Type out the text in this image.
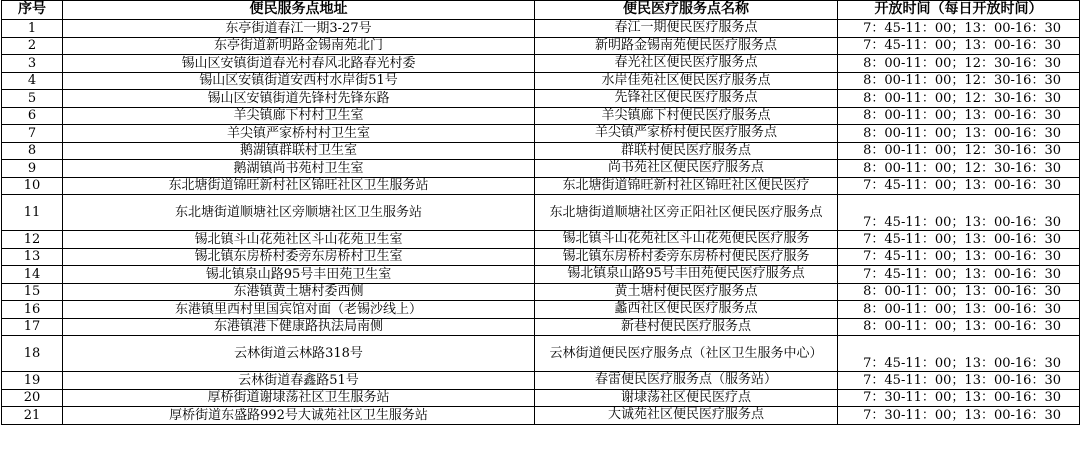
序号	便民服务点地址	便民医疗服务点名称	开放时间（每日开放时间）
1	东亭街道春江一期3-27号	春江一期便民医疗服务点	7：45-11：00；13：00-16：30
2	东亭街道新明路金锡南苑北门	新明路金锡南苑便民医疗服务点	7：45-11：00；13：00-16：30
3	锡山区安镇街道春光村春风北路春光村委	春光社区便民医疗服务点	8：00-11：00；12：30-16：30
4	锡山区安镇街道安西村水岸街51号	水岸佳苑社区便民医疗服务点	8：00-11：00；12：30-16：30
5	锡山区安镇街道先锋村先锋东路	先锋社区便民医疗服务点	8：00-11：00；12：30-16：30
6	羊尖镇廊下村村卫生室	羊尖镇廊下村便民医疗服务点	8：00-11：00；13：00-16：30
7	羊尖镇严家桥村村卫生室	羊尖镇严家桥村便民医疗服务点	8：00-11：00；13：00-16：30
8	鹅湖镇群联村卫生室	群联村便民医疗服务点	8：00-11：00；12：30-16：30
9	鹅湖镇尚书苑村卫生室	尚书苑社区便民医疗服务点	8：00-11：00；12：30-16：30
10	东北塘街道锦旺新村社区锦旺社区卫生服务站	东北塘街道锦旺新村社区锦旺社区便民医疗	7：45-11：00；13：00-16：30
11	东北塘街道顺塘社区旁顺塘社区卫生服务站	东北塘街道顺塘社区旁正阳社区便民医疗服务点	7：45-11：00；13：00-16：30
12	锡北镇斗山花苑社区斗山花苑卫生室	锡北镇斗山花苑社区斗山花苑便民医疗服务	7：45-11：00；13：00-16：30
13	锡北镇东房桥村委旁东房桥村卫生室	锡北镇东房桥村委旁东房桥村便民医疗服务	7：45-11：00；13：00-16：30
14	锡北镇泉山路95号丰田苑卫生室	锡北镇泉山路95号丰田苑便民医疗服务点	7：45-11：00；13：00-16：30
15	东港镇黄土塘村委西侧	黄土塘村便民医疗服务点	8：00-11：00；13：00-16：30
16	东港镇里西村里国宾馆对面（老锡沙线上）	蠡西社区便民医疗服务点	8：00-11：00；13：00-16：30
17	东港镇港下健康路执法局南侧	新巷村便民医疗服务点	8：00-11：00；13：00-16：30
18	云林街道云林路318号	云林街道便民医疗服务点（社区卫生服务中心）	7：45-11：00；13：00-16：30
19	云林街道春鑫路51号	春雷便民医疗服务点（服务站）	7：45-11：00；13：00-16：30
20	厚桥街道谢埭荡社区卫生服务站	谢埭荡社区便民医疗点	7：30-11：00；13：00-16：30
21	厚桥街道东盛路992号大诚苑社区卫生服务站	大诚苑社区便民医疗服务点	7：30-11：00；13：00-16：30
